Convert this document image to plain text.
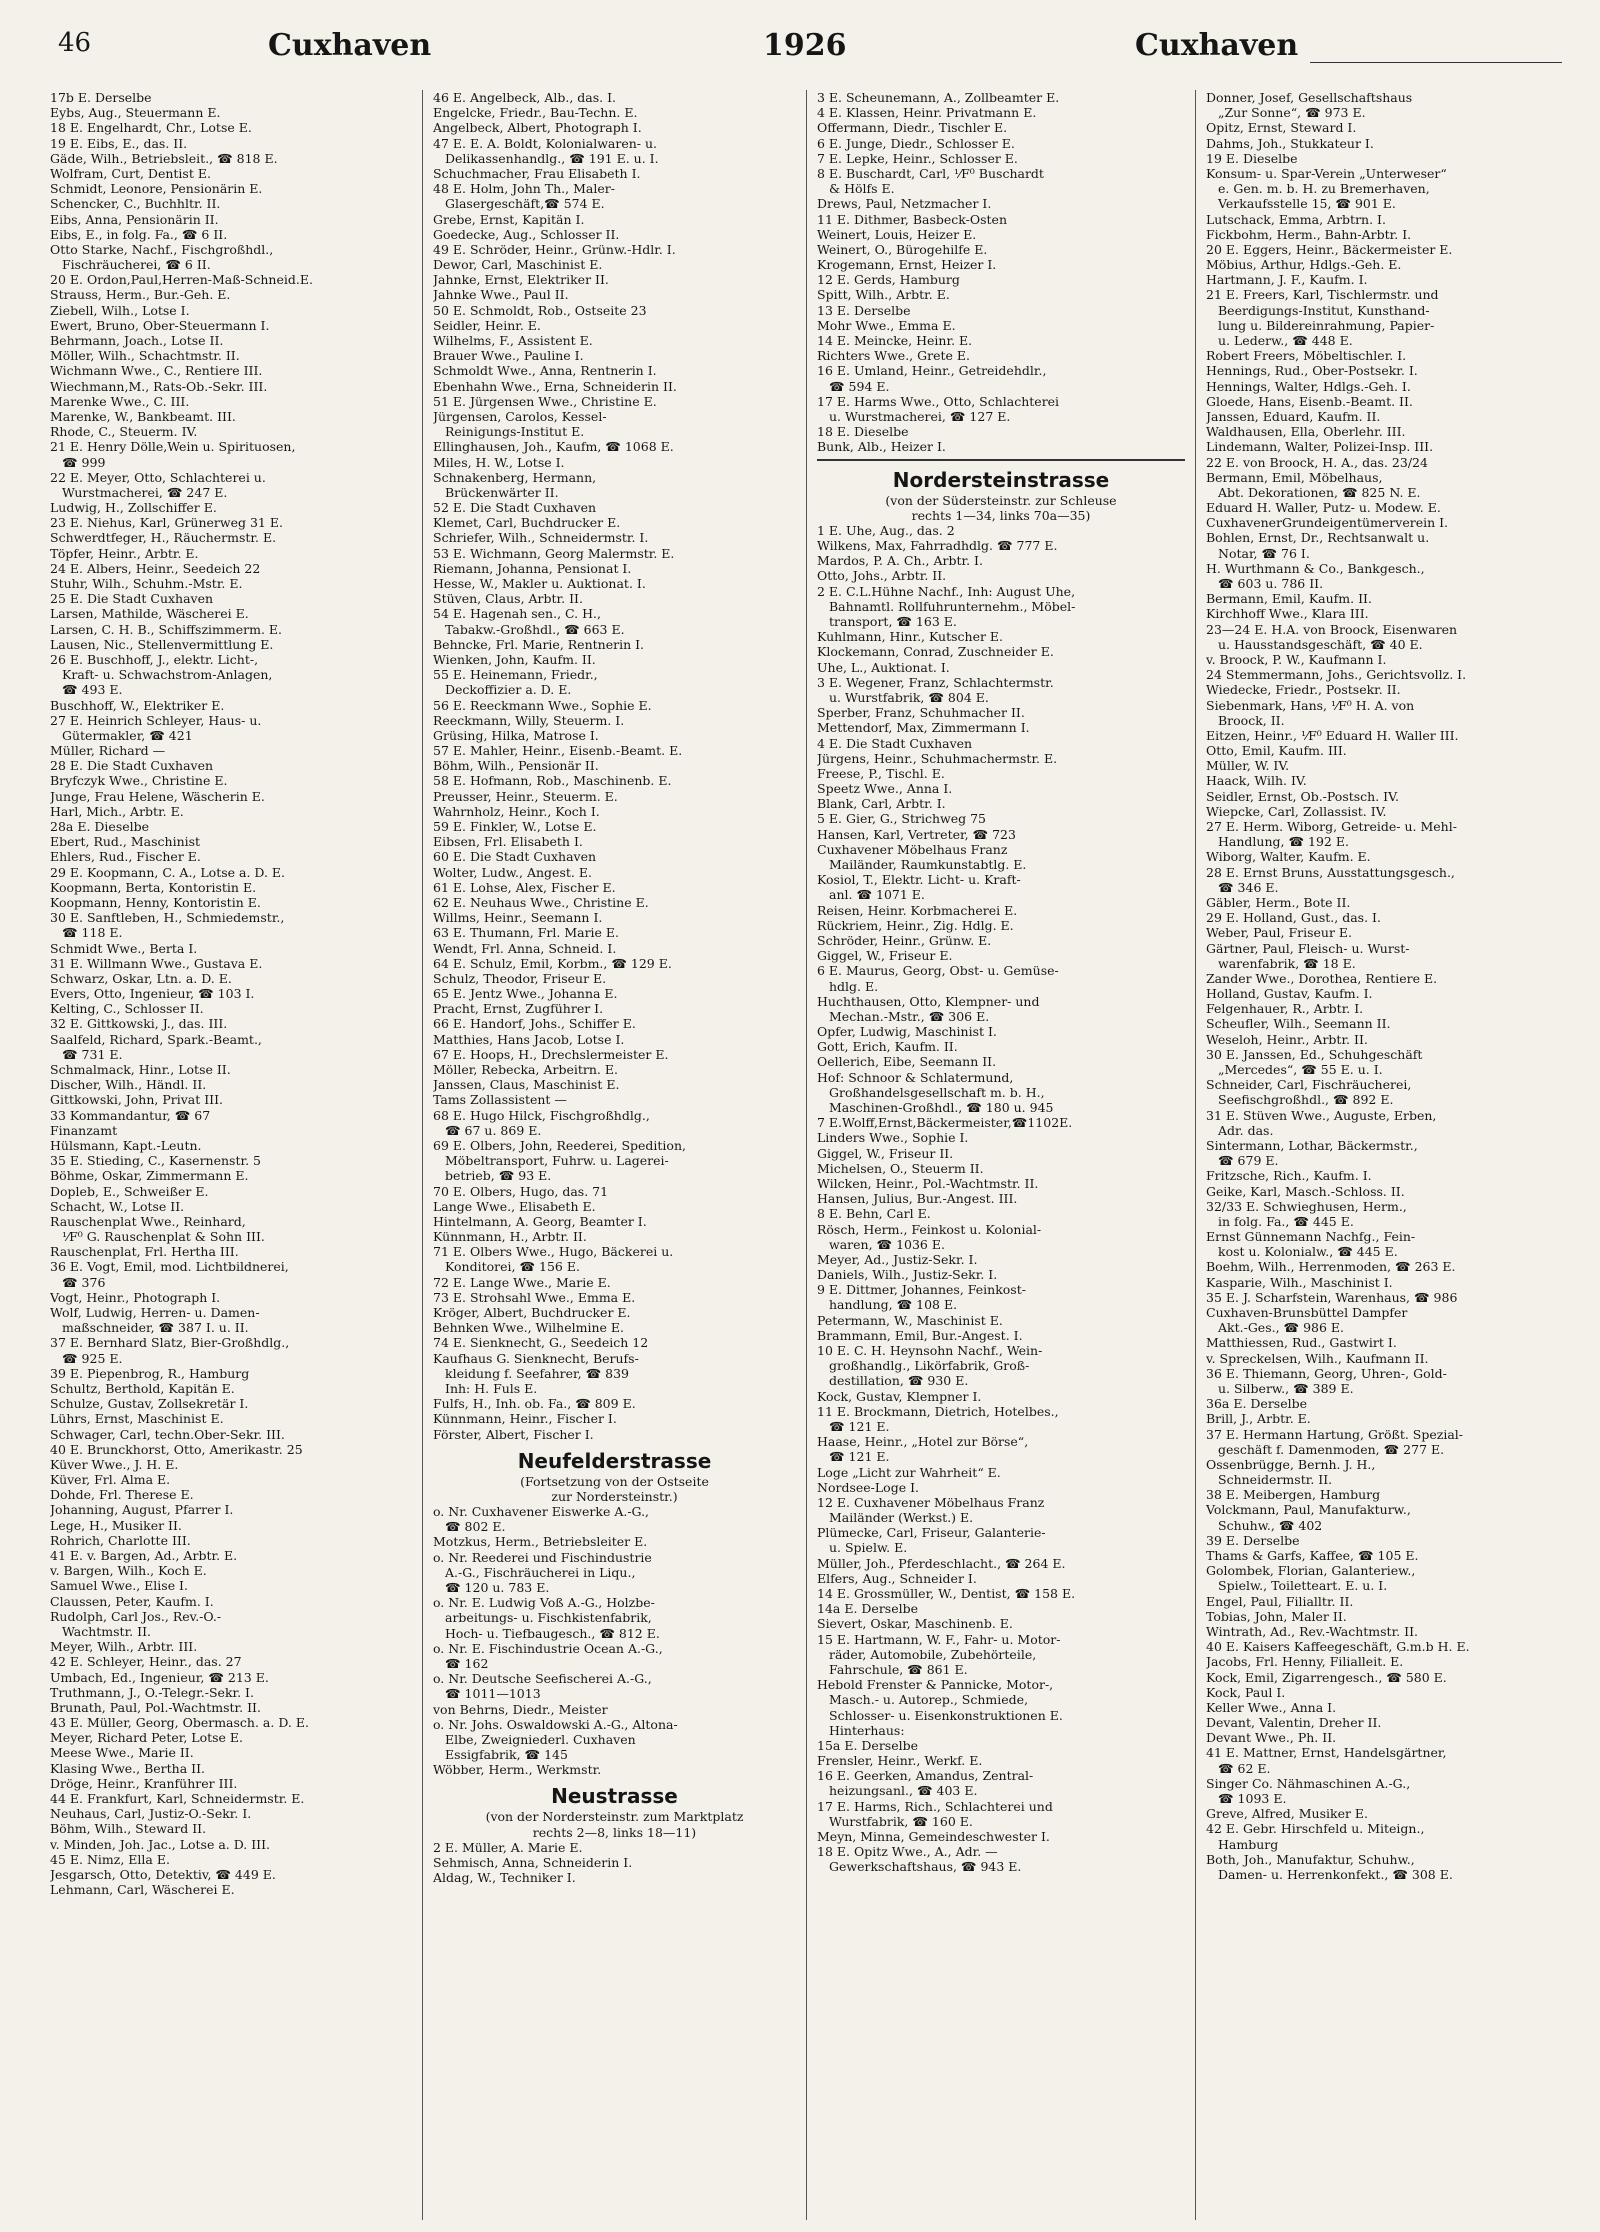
46	Cuxhaven	1926	Cuxhaven
17b E. Derselbe
Eybs, Aug., Steuermann E.
18 E. Engelhardt, Chr., Lotse E.
19 E. Eibs, E., das. II.
Gäde, Wilh., Betriebsleit., ☎ 818 E.
Wolfram, Curt, Dentist E.
Schmidt, Leonore, Pensionärin E.
Schencker, C., Buchhltr. II.
Eibs, Anna, Pensionärin II.
Eibs, E., in folg. Fa., ☎ 6 II.
Otto Starke, Nachf., Fischgroßhdl.,
Fischräucherei, ☎ 6 II.
20 E. Ordon,Paul,Herren-Maß-Schneid.E.
Strauss, Herm., Bur.-Geh. E.
Ziebell, Wilh., Lotse I.
Ewert, Bruno, Ober-Steuermann I.
Behrmann, Joach., Lotse II.
Möller, Wilh., Schachtmstr. II.
Wichmann Wwe., C., Rentiere III.
Wiechmann,M., Rats-Ob.-Sekr. III.
Marenke Wwe., C. III.
Marenke, W., Bankbeamt. III.
Rhode, C., Steuerm. IV.
21 E. Henry Dölle,Wein u. Spirituosen,
☎ 999
22 E. Meyer, Otto, Schlachterei u.
Wurstmacherei, ☎ 247 E.
Ludwig, H., Zollschiffer E.
23 E. Niehus, Karl, Grünerweg 31 E.
Schwerdtfeger, H., Räuchermstr. E.
Töpfer, Heinr., Arbtr. E.
24 E. Albers, Heinr., Seedeich 22
Stuhr, Wilh., Schuhm.-Mstr. E.
25 E. Die Stadt Cuxhaven
Larsen, Mathilde, Wäscherei E.
Larsen, C. H. B., Schiffszimmerm. E.
Lausen, Nic., Stellenvermittlung E.
26 E. Buschhoff, J., elektr. Licht-,
Kraft- u. Schwachstrom-Anlagen,
☎ 493 E.
Buschhoff, W., Elektriker E.
27 E. Heinrich Schleyer, Haus- u.
Gütermakler, ☎ 421
Müller, Richard —
28 E. Die Stadt Cuxhaven
Bryfczyk Wwe., Christine E.
Junge, Frau Helene, Wäscherin E.
Harl, Mich., Arbtr. E.
28a E. Dieselbe
Ebert, Rud., Maschinist
Ehlers, Rud., Fischer E.
29 E. Koopmann, C. A., Lotse a. D. E.
Koopmann, Berta, Kontoristin E.
Koopmann, Henny, Kontoristin E.
30 E. Sanftleben, H., Schmiedemstr.,
☎ 118 E.
Schmidt Wwe., Berta I.
31 E. Willmann Wwe., Gustava E.
Schwarz, Oskar, Ltn. a. D. E.
Evers, Otto, Ingenieur, ☎ 103 I.
Kelting, C., Schlosser II.
32 E. Gittkowski, J., das. III.
Saalfeld, Richard, Spark.-Beamt.,
☎ 731 E.
Schmalmack, Hinr., Lotse II.
Discher, Wilh., Händl. II.
Gittkowski, John, Privat III.
33 Kommandantur, ☎ 67
Finanzamt
Hülsmann, Kapt.-Leutn.
35 E. Stieding, C., Kasernenstr. 5
Böhme, Oskar, Zimmermann E.
Dopleb, E., Schweißer E.
Schacht, W., Lotse II.
Rauschenplat Wwe., Reinhard,
⅟F⁰ G. Rauschenplat & Sohn III.
Rauschenplat, Frl. Hertha III.
36 E. Vogt, Emil, mod. Lichtbildnerei,
☎ 376
Vogt, Heinr., Photograph I.
Wolf, Ludwig, Herren- u. Damen-
maßschneider, ☎ 387 I. u. II.
37 E. Bernhard Slatz, Bier-Großhdlg.,
☎ 925 E.
39 E. Piepenbrog, R., Hamburg
Schultz, Berthold, Kapitän E.
Schulze, Gustav, Zollsekretär I.
Lührs, Ernst, Maschinist E.
Schwager, Carl, techn.Ober-Sekr. III.
40 E. Brunckhorst, Otto, Amerikastr. 25
Küver Wwe., J. H. E.
Küver, Frl. Alma E.
Dohde, Frl. Therese E.
Johanning, August, Pfarrer I.
Lege, H., Musiker II.
Rohrich, Charlotte III.
41 E. v. Bargen, Ad., Arbtr. E.
v. Bargen, Wilh., Koch E.
Samuel Wwe., Elise I.
Claussen, Peter, Kaufm. I.
Rudolph, Carl Jos., Rev.-O.-
Wachtmstr. II.
Meyer, Wilh., Arbtr. III.
42 E. Schleyer, Heinr., das. 27
Umbach, Ed., Ingenieur, ☎ 213 E.
Truthmann, J., O.-Telegr.-Sekr. I.
Brunath, Paul, Pol.-Wachtmstr. II.
43 E. Müller, Georg, Obermasch. a. D. E.
Meyer, Richard Peter, Lotse E.
Meese Wwe., Marie II.
Klasing Wwe., Bertha II.
Dröge, Heinr., Kranführer III.
44 E. Frankfurt, Karl, Schneidermstr. E.
Neuhaus, Carl, Justiz-O.-Sekr. I.
Böhm, Wilh., Steward II.
v. Minden, Joh. Jac., Lotse a. D. III.
45 E. Nimz, Ella E.
Jesgarsch, Otto, Detektiv, ☎ 449 E.
Lehmann, Carl, Wäscherei E.
46 E. Angelbeck, Alb., das. I.
Engelcke, Friedr., Bau-Techn. E.
Angelbeck, Albert, Photograph I.
47 E. E. A. Boldt, Kolonialwaren- u.
Delikassenhandlg., ☎ 191 E. u. I.
Schuchmacher, Frau Elisabeth I.
48 E. Holm, John Th., Maler-
Glasergeschäft,☎ 574 E.
Grebe, Ernst, Kapitän I.
Goedecke, Aug., Schlosser II.
49 E. Schröder, Heinr., Grünw.-Hdlr. I.
Dewor, Carl, Maschinist E.
Jahnke, Ernst, Elektriker II.
Jahnke Wwe., Paul II.
50 E. Schmoldt, Rob., Ostseite 23
Seidler, Heinr. E.
Wilhelms, F., Assistent E.
Brauer Wwe., Pauline I.
Schmoldt Wwe., Anna, Rentnerin I.
Ebenhahn Wwe., Erna, Schneiderin II.
51 E. Jürgensen Wwe., Christine E.
Jürgensen, Carolos, Kessel-
Reinigungs-Institut E.
Ellinghausen, Joh., Kaufm, ☎ 1068 E.
Miles, H. W., Lotse I.
Schnakenberg, Hermann,
Brückenwärter II.
52 E. Die Stadt Cuxhaven
Klemet, Carl, Buchdrucker E.
Schriefer, Wilh., Schneidermstr. I.
53 E. Wichmann, Georg Malermstr. E.
Riemann, Johanna, Pensionat I.
Hesse, W., Makler u. Auktionat. I.
Stüven, Claus, Arbtr. II.
54 E. Hagenah sen., C. H.,
Tabakw.-Großhdl., ☎ 663 E.
Behncke, Frl. Marie, Rentnerin I.
Wienken, John, Kaufm. II.
55 E. Heinemann, Friedr.,
Deckoffizier a. D. E.
56 E. Reeckmann Wwe., Sophie E.
Reeckmann, Willy, Steuerm. I.
Grüsing, Hilka, Matrose I.
57 E. Mahler, Heinr., Eisenb.-Beamt. E.
Böhm, Wilh., Pensionär II.
58 E. Hofmann, Rob., Maschinenb. E.
Preusser, Heinr., Steuerm. E.
Wahrnholz, Heinr., Koch I.
59 E. Finkler, W., Lotse E.
Eibsen, Frl. Elisabeth I.
60 E. Die Stadt Cuxhaven
Wolter, Ludw., Angest. E.
61 E. Lohse, Alex, Fischer E.
62 E. Neuhaus Wwe., Christine E.
Willms, Heinr., Seemann I.
63 E. Thumann, Frl. Marie E.
Wendt, Frl. Anna, Schneid. I.
64 E. Schulz, Emil, Korbm., ☎ 129 E.
Schulz, Theodor, Friseur E.
65 E. Jentz Wwe., Johanna E.
Pracht, Ernst, Zugführer I.
66 E. Handorf, Johs., Schiffer E.
Matthies, Hans Jacob, Lotse I.
67 E. Hoops, H., Drechslermeister E.
Möller, Rebecka, Arbeitrn. E.
Janssen, Claus, Maschinist E.
Tams Zollassistent —
68 E. Hugo Hilck, Fischgroßhdlg.,
☎ 67 u. 869 E.
69 E. Olbers, John, Reederei, Spedition,
Möbeltransport, Fuhrw. u. Lagerei-
betrieb, ☎ 93 E.
70 E. Olbers, Hugo, das. 71
Lange Wwe., Elisabeth E.
Hintelmann, A. Georg, Beamter I.
Künnmann, H., Arbtr. II.
71 E. Olbers Wwe., Hugo, Bäckerei u.
Konditorei, ☎ 156 E.
72 E. Lange Wwe., Marie E.
73 E. Strohsahl Wwe., Emma E.
Kröger, Albert, Buchdrucker E.
Behnken Wwe., Wilhelmine E.
74 E. Sienknecht, G., Seedeich 12
Kaufhaus G. Sienknecht, Berufs-
kleidung f. Seefahrer, ☎ 839
Inh: H. Fuls E.
Fulfs, H., Inh. ob. Fa., ☎ 809 E.
Künnmann, Heinr., Fischer I.
Förster, Albert, Fischer I.
Neufelderstrasse
(Fortsetzung von der Ostseite
zur Nordersteinstr.)
o. Nr. Cuxhavener Eiswerke A.-G.,
☎ 802 E.
Motzkus, Herm., Betriebsleiter E.
o. Nr. Reederei und Fischindustrie
A.-G., Fischräucherei in Liqu.,
☎ 120 u. 783 E.
o. Nr. E. Ludwig Voß A.-G., Holzbe-
arbeitungs- u. Fischkistenfabrik,
Hoch- u. Tiefbaugesch., ☎ 812 E.
o. Nr. E. Fischindustrie Ocean A.-G.,
☎ 162
o. Nr. Deutsche Seefischerei A.-G.,
☎ 1011—1013
von Behrns, Diedr., Meister
o. Nr. Johs. Oswaldowski A.-G., Altona-
Elbe, Zweigniederl. Cuxhaven
Essigfabrik, ☎ 145
Wöbber, Herm., Werkmstr.
Neustrasse
(von der Nordersteinstr. zum Marktplatz
rechts 2—8, links 18—11)
2 E. Müller, A. Marie E.
Sehmisch, Anna, Schneiderin I.
Aldag, W., Techniker I.
3 E. Scheunemann, A., Zollbeamter E.
4 E. Klassen, Heinr. Privatmann E.
Offermann, Diedr., Tischler E.
6 E. Junge, Diedr., Schlosser E.
7 E. Lepke, Heinr., Schlosser E.
8 E. Buschardt, Carl, ⅟F⁰ Buschardt
& Hölfs E.
Drews, Paul, Netzmacher I.
11 E. Dithmer, Basbeck-Osten
Weinert, Louis, Heizer E.
Weinert, O., Bürogehilfe E.
Krogemann, Ernst, Heizer I.
12 E. Gerds, Hamburg
Spitt, Wilh., Arbtr. E.
13 E. Derselbe
Mohr Wwe., Emma E.
14 E. Meincke, Heinr. E.
Richters Wwe., Grete E.
16 E. Umland, Heinr., Getreidehdlr.,
☎ 594 E.
17 E. Harms Wwe., Otto, Schlachterei
u. Wurstmacherei, ☎ 127 E.
18 E. Dieselbe
Bunk, Alb., Heizer I.
Nordersteinstrasse
(von der Südersteinstr. zur Schleuse
rechts 1—34, links 70a—35)
1 E. Uhe, Aug., das. 2
Wilkens, Max, Fahrradhdlg. ☎ 777 E.
Mardos, P. A. Ch., Arbtr. I.
Otto, Johs., Arbtr. II.
2 E. C.L.Hühne Nachf., Inh: August Uhe,
Bahnamtl. Rollfuhrunternehm., Möbel-
transport, ☎ 163 E.
Kuhlmann, Hinr., Kutscher E.
Klockemann, Conrad, Zuschneider E.
Uhe, L., Auktionat. I.
3 E. Wegener, Franz, Schlachtermstr.
u. Wurstfabrik, ☎ 804 E.
Sperber, Franz, Schuhmacher II.
Mettendorf, Max, Zimmermann I.
4 E. Die Stadt Cuxhaven
Jürgens, Heinr., Schuhmachermstr. E.
Freese, P., Tischl. E.
Speetz Wwe., Anna I.
Blank, Carl, Arbtr. I.
5 E. Gier, G., Strichweg 75
Hansen, Karl, Vertreter, ☎ 723
Cuxhavener Möbelhaus Franz
Mailänder, Raumkunstabtlg. E.
Kosiol, T., Elektr. Licht- u. Kraft-
anl. ☎ 1071 E.
Reisen, Heinr. Korbmacherei E.
Rückriem, Heinr., Zig. Hdlg. E.
Schröder, Heinr., Grünw. E.
Giggel, W., Friseur E.
6 E. Maurus, Georg, Obst- u. Gemüse-
hdlg. E.
Huchthausen, Otto, Klempner- und
Mechan.-Mstr., ☎ 306 E.
Opfer, Ludwig, Maschinist I.
Gott, Erich, Kaufm. II.
Oellerich, Eibe, Seemann II.
Hof: Schnoor & Schlatermund,
Großhandelsgesellschaft m. b. H.,
Maschinen-Großhdl., ☎ 180 u. 945
7 E.Wolff,Ernst,Bäckermeister,☎1102E.
Linders Wwe., Sophie I.
Giggel, W., Friseur II.
Michelsen, O., Steuerm II.
Wilcken, Heinr., Pol.-Wachtmstr. II.
Hansen, Julius, Bur.-Angest. III.
8 E. Behn, Carl E.
Rösch, Herm., Feinkost u. Kolonial-
waren, ☎ 1036 E.
Meyer, Ad., Justiz-Sekr. I.
Daniels, Wilh., Justiz-Sekr. I.
9 E. Dittmer, Johannes, Feinkost-
handlung, ☎ 108 E.
Petermann, W., Maschinist E.
Brammann, Emil, Bur.-Angest. I.
10 E. C. H. Heynsohn Nachf., Wein-
großhandlg., Likörfabrik, Groß-
destillation, ☎ 930 E.
Kock, Gustav, Klempner I.
11 E. Brockmann, Dietrich, Hotelbes.,
☎ 121 E.
Haase, Heinr., „Hotel zur Börse“,
☎ 121 E.
Loge „Licht zur Wahrheit“ E.
Nordsee-Loge I.
12 E. Cuxhavener Möbelhaus Franz
Mailänder (Werkst.) E.
Plümecke, Carl, Friseur, Galanterie-
u. Spielw. E.
Müller, Joh., Pferdeschlacht., ☎ 264 E.
Elfers, Aug., Schneider I.
14 E. Grossmüller, W., Dentist, ☎ 158 E.
14a E. Derselbe
Sievert, Oskar, Maschinenb. E.
15 E. Hartmann, W. F., Fahr- u. Motor-
räder, Automobile, Zubehörteile,
Fahrschule, ☎ 861 E.
Hebold Frenster & Pannicke, Motor-,
Masch.- u. Autorep., Schmiede,
Schlosser- u. Eisenkonstruktionen E.
Hinterhaus:
15a E. Derselbe
Frensler, Heinr., Werkf. E.
16 E. Geerken, Amandus, Zentral-
heizungsanl., ☎ 403 E.
17 E. Harms, Rich., Schlachterei und
Wurstfabrik, ☎ 160 E.
Meyn, Minna, Gemeindeschwester I.
18 E. Opitz Wwe., A., Adr. —
Gewerkschaftshaus, ☎ 943 E.
Donner, Josef, Gesellschaftshaus
„Zur Sonne“, ☎ 973 E.
Opitz, Ernst, Steward I.
Dahms, Joh., Stukkateur I.
19 E. Dieselbe
Konsum- u. Spar-Verein „Unterweser“
e. Gen. m. b. H. zu Bremerhaven,
Verkaufsstelle 15, ☎ 901 E.
Lutschack, Emma, Arbtrn. I.
Fickbohm, Herm., Bahn-Arbtr. I.
20 E. Eggers, Heinr., Bäckermeister E.
Möbius, Arthur, Hdlgs.-Geh. E.
Hartmann, J. F., Kaufm. I.
21 E. Freers, Karl, Tischlermstr. und
Beerdigungs-Institut, Kunsthand-
lung u. Bildereinrahmung, Papier-
u. Lederw., ☎ 448 E.
Robert Freers, Möbeltischler. I.
Hennings, Rud., Ober-Postsekr. I.
Hennings, Walter, Hdlgs.-Geh. I.
Gloede, Hans, Eisenb.-Beamt. II.
Janssen, Eduard, Kaufm. II.
Waldhausen, Ella, Oberlehr. III.
Lindemann, Walter, Polizei-Insp. III.
22 E. von Broock, H. A., das. 23/24
Bermann, Emil, Möbelhaus,
Abt. Dekorationen, ☎ 825 N. E.
Eduard H. Waller, Putz- u. Modew. E.
CuxhavenerGrundeigentümerverein I.
Bohlen, Ernst, Dr., Rechtsanwalt u.
Notar, ☎ 76 I.
H. Wurthmann & Co., Bankgesch.,
☎ 603 u. 786 II.
Bermann, Emil, Kaufm. II.
Kirchhoff Wwe., Klara III.
23—24 E. H.A. von Broock, Eisenwaren
u. Hausstandsgeschäft, ☎ 40 E.
v. Broock, P. W., Kaufmann I.
24 Stemmermann, Johs., Gerichtsvollz. I.
Wiedecke, Friedr., Postsekr. II.
Siebenmark, Hans, ⅟F⁰ H. A. von
Broock, II.
Eitzen, Heinr., ⅟F⁰ Eduard H. Waller III.
Otto, Emil, Kaufm. III.
Müller, W. IV.
Haack, Wilh. IV.
Seidler, Ernst, Ob.-Postsch. IV.
Wiepcke, Carl, Zollassist. IV.
27 E. Herm. Wiborg, Getreide- u. Mehl-
Handlung, ☎ 192 E.
Wiborg, Walter, Kaufm. E.
28 E. Ernst Bruns, Ausstattungsgesch.,
☎ 346 E.
Gäbler, Herm., Bote II.
29 E. Holland, Gust., das. I.
Weber, Paul, Friseur E.
Gärtner, Paul, Fleisch- u. Wurst-
warenfabrik, ☎ 18 E.
Zander Wwe., Dorothea, Rentiere E.
Holland, Gustav, Kaufm. I.
Felgenhauer, R., Arbtr. I.
Scheufler, Wilh., Seemann II.
Weseloh, Heinr., Arbtr. II.
30 E. Janssen, Ed., Schuhgeschäft
„Mercedes“, ☎ 55 E. u. I.
Schneider, Carl, Fischräucherei,
Seefischgroßhdl., ☎ 892 E.
31 E. Stüven Wwe., Auguste, Erben,
Adr. das.
Sintermann, Lothar, Bäckermstr.,
☎ 679 E.
Fritzsche, Rich., Kaufm. I.
Geike, Karl, Masch.-Schloss. II.
32/33 E. Schwieghusen, Herm.,
in folg. Fa., ☎ 445 E.
Ernst Günnemann Nachfg., Fein-
kost u. Kolonialw., ☎ 445 E.
Boehm, Wilh., Herrenmoden, ☎ 263 E.
Kasparie, Wilh., Maschinist I.
35 E. J. Scharfstein, Warenhaus, ☎ 986
Cuxhaven-Brunsbüttel Dampfer
Akt.-Ges., ☎ 986 E.
Matthiessen, Rud., Gastwirt I.
v. Spreckelsen, Wilh., Kaufmann II.
36 E. Thiemann, Georg, Uhren-, Gold-
u. Silberw., ☎ 389 E.
36a E. Derselbe
Brill, J., Arbtr. E.
37 E. Hermann Hartung, Größt. Spezial-
geschäft f. Damenmoden, ☎ 277 E.
Ossenbrügge, Bernh. J. H.,
Schneidermstr. II.
38 E. Meibergen, Hamburg
Volckmann, Paul, Manufakturw.,
Schuhw., ☎ 402
39 E. Derselbe
Thams & Garfs, Kaffee, ☎ 105 E.
Golombek, Florian, Galanteriew.,
Spielw., Toiletteart. E. u. I.
Engel, Paul, Filialltr. II.
Tobias, John, Maler II.
Wintrath, Ad., Rev.-Wachtmstr. II.
40 E. Kaisers Kaffeegeschäft, G.m.b H. E.
Jacobs, Frl. Henny, Filialleit. E.
Kock, Emil, Zigarrengesch., ☎ 580 E.
Kock, Paul I.
Keller Wwe., Anna I.
Devant, Valentin, Dreher II.
Devant Wwe., Ph. II.
41 E. Mattner, Ernst, Handelsgärtner,
☎ 62 E.
Singer Co. Nähmaschinen A.-G.,
☎ 1093 E.
Greve, Alfred, Musiker E.
42 E. Gebr. Hirschfeld u. Miteign.,
Hamburg
Both, Joh., Manufaktur, Schuhw.,
Damen- u. Herrenkonfekt., ☎ 308 E.
